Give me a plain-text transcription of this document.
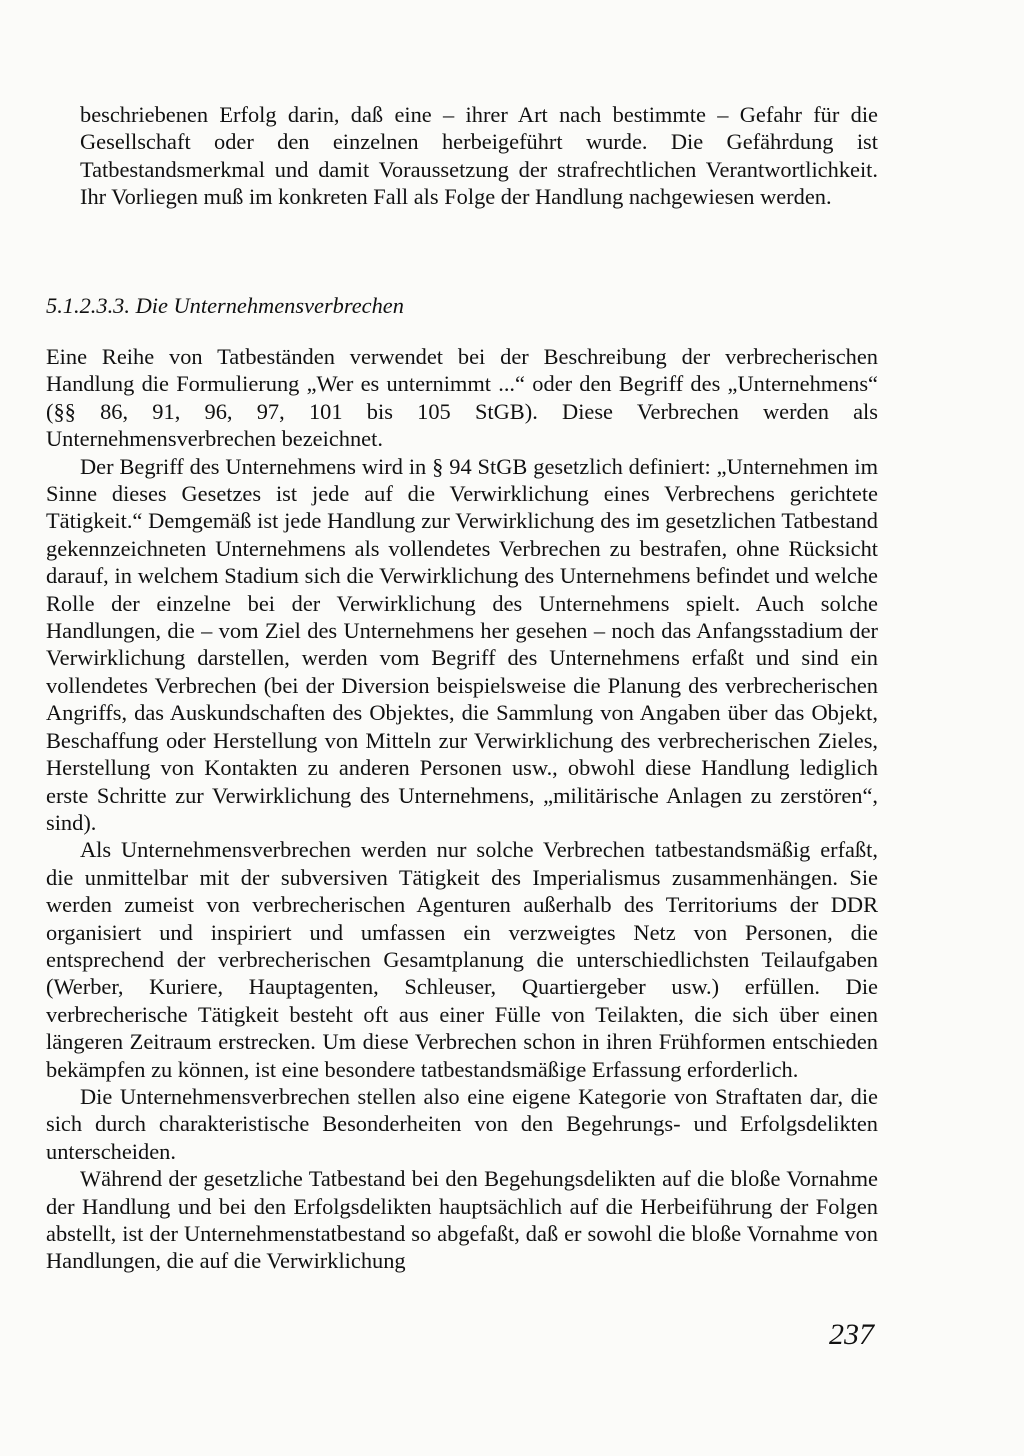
beschriebenen Erfolg darin, daß eine – ihrer Art nach bestimmte – Gefahr für die Gesellschaft oder den einzelnen herbeigeführt wurde. Die Gefährdung ist Tatbestandsmerkmal und damit Voraussetzung der strafrechtlichen Verantwortlichkeit. Ihr Vorliegen muß im konkreten Fall als Folge der Handlung nachgewiesen werden.

5.1.2.3.3. Die Unternehmensverbrechen

Eine Reihe von Tatbeständen verwendet bei der Beschreibung der verbrecherischen Handlung die Formulierung „Wer es unternimmt ...“ oder den Begriff des „Unternehmens“ (§§ 86, 91, 96, 97, 101 bis 105 StGB). Diese Verbrechen werden als Unternehmensverbrechen bezeichnet.

Der Begriff des Unternehmens wird in § 94 StGB gesetzlich definiert: „Unternehmen im Sinne dieses Gesetzes ist jede auf die Verwirklichung eines Verbrechens gerichtete Tätigkeit.“ Demgemäß ist jede Handlung zur Verwirklichung des im gesetzlichen Tatbestand gekennzeichneten Unternehmens als vollendetes Verbrechen zu bestrafen, ohne Rücksicht darauf, in welchem Stadium sich die Verwirklichung des Unternehmens befindet und welche Rolle der einzelne bei der Verwirklichung des Unternehmens spielt. Auch solche Handlungen, die – vom Ziel des Unternehmens her gesehen – noch das Anfangsstadium der Verwirklichung darstellen, werden vom Begriff des Unternehmens erfaßt und sind ein vollendetes Verbrechen (bei der Diversion beispielsweise die Planung des verbrecherischen Angriffs, das Auskundschaften des Objektes, die Sammlung von Angaben über das Objekt, Beschaffung oder Herstellung von Mitteln zur Verwirklichung des verbrecherischen Zieles, Herstellung von Kontakten zu anderen Personen usw., obwohl diese Handlung lediglich erste Schritte zur Verwirklichung des Unternehmens, „militärische Anlagen zu zerstören“, sind).

Als Unternehmensverbrechen werden nur solche Verbrechen tatbestandsmäßig erfaßt, die unmittelbar mit der subversiven Tätigkeit des Imperialismus zusammenhängen. Sie werden zumeist von verbrecherischen Agenturen außerhalb des Territoriums der DDR organisiert und inspiriert und umfassen ein verzweigtes Netz von Personen, die entsprechend der verbrecherischen Gesamtplanung die unterschiedlichsten Teilaufgaben (Werber, Kuriere, Hauptagenten, Schleuser, Quartiergeber usw.) erfüllen. Die verbrecherische Tätigkeit besteht oft aus einer Fülle von Teilakten, die sich über einen längeren Zeitraum erstrecken. Um diese Verbrechen schon in ihren Frühformen entschieden bekämpfen zu können, ist eine besondere tatbestandsmäßige Erfassung erforderlich.

Die Unternehmensverbrechen stellen also eine eigene Kategorie von Straftaten dar, die sich durch charakteristische Besonderheiten von den Begehrungs- und Erfolgsdelikten unterscheiden.

Während der gesetzliche Tatbestand bei den Begehungsdelikten auf die bloße Vornahme der Handlung und bei den Erfolgsdelikten hauptsächlich auf die Herbeiführung der Folgen abstellt, ist der Unternehmenstatbestand so abgefaßt, daß er sowohl die bloße Vornahme von Handlungen, die auf die Verwirklichung

237
